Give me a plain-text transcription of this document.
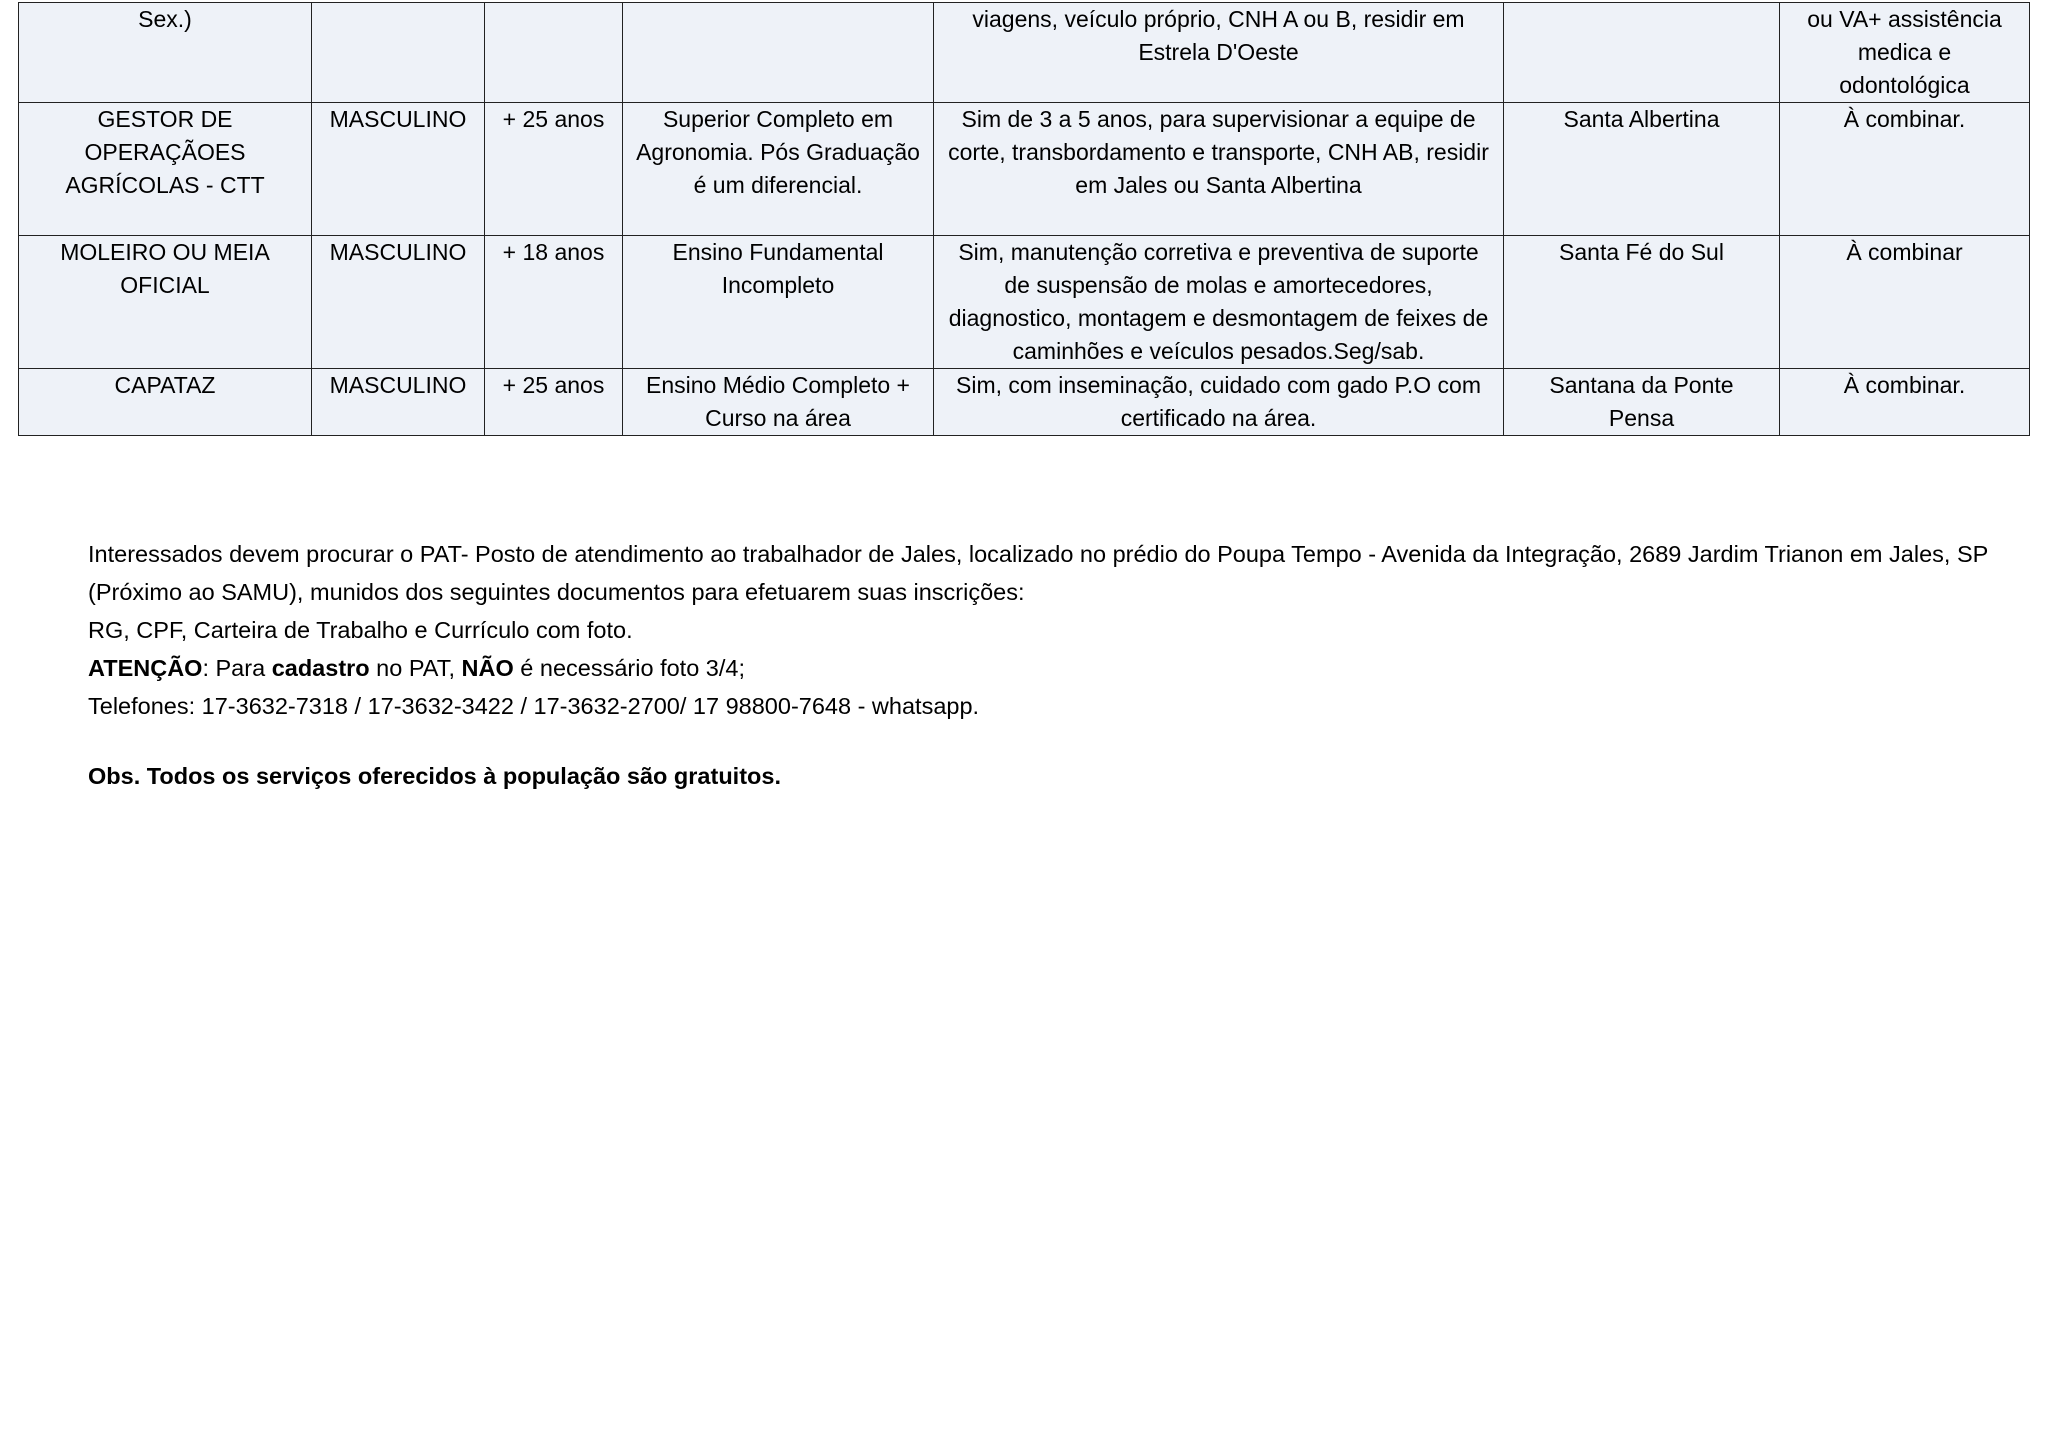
Sex.)				viagens, veículo próprio, CNH A ou B, residir em Estrela D'Oeste		ou VA+ assistência medica e odontológica
GESTOR DE OPERAÇÃOES AGRÍCOLAS - CTT	MASCULINO	+ 25 anos	Superior Completo em Agronomia. Pós Graduação é um diferencial.	Sim de 3 a 5 anos, para supervisionar a equipe de corte, transbordamento e transporte, CNH AB, residir em Jales ou Santa Albertina	Santa Albertina	À combinar.
MOLEIRO OU MEIA OFICIAL	MASCULINO	+ 18 anos	Ensino Fundamental Incompleto	Sim, manutenção corretiva e preventiva de suporte de suspensão de molas e amortecedores, diagnostico, montagem e desmontagem de feixes de caminhões e veículos pesados.Seg/sab.	Santa Fé do Sul	À combinar
CAPATAZ	MASCULINO	+ 25 anos	Ensino Médio Completo + Curso na área	Sim, com inseminação, cuidado com gado P.O com certificado na área.	Santana da Ponte Pensa	À combinar.

Interessados devem procurar o PAT- Posto de atendimento ao trabalhador de Jales, localizado no prédio do Poupa Tempo - Avenida da Integração, 2689 Jardim Trianon em Jales, SP (Próximo ao SAMU), munidos dos seguintes documentos para efetuarem suas inscrições:

RG, CPF, Carteira de Trabalho e Currículo com foto.

ATENÇÃO: Para cadastro no PAT, NÃO é necessário foto 3/4;

Telefones: 17-3632-7318 / 17-3632-3422 / 17-3632-2700/ 17 98800-7648 - whatsapp.

Obs. Todos os serviços oferecidos à população são gratuitos.
